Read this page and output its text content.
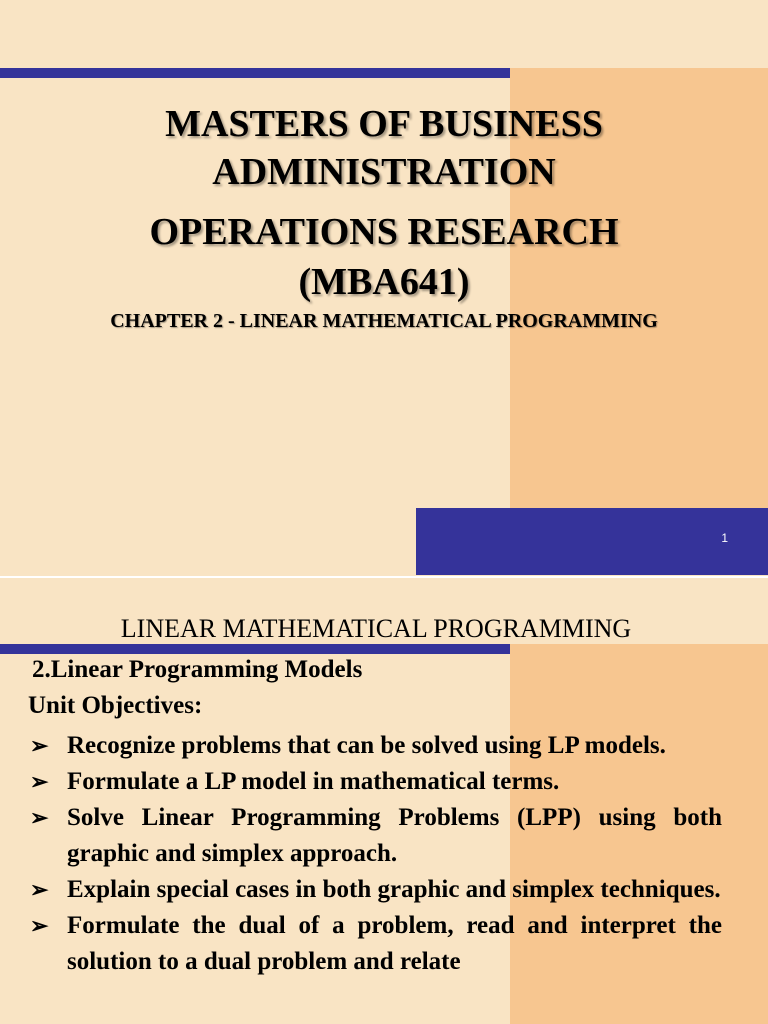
MASTERS OF BUSINESS
ADMINISTRATION
OPERATIONS RESEARCH
(MBA641)
CHAPTER 2 - LINEAR MATHEMATICAL PROGRAMMING
1
LINEAR MATHEMATICAL PROGRAMMING
2.Linear Programming Models
Unit Objectives:
➢ Recognize problems that can be solved using LP models.
➢ Formulate a LP model in mathematical terms.
➢ Solve Linear Programming Problems (LPP) using both graphic and simplex approach.
➢ Explain special cases in both graphic and simplex techniques.
➢ Formulate the dual of a problem, read and interpret the solution to a dual problem and relate
